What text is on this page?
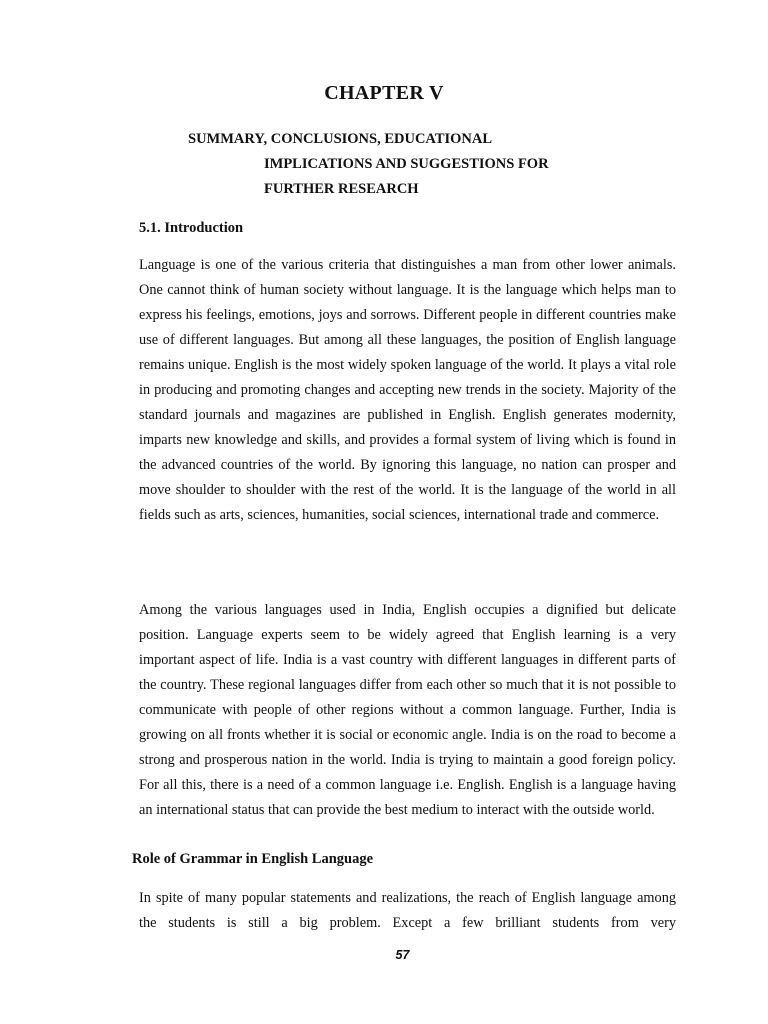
CHAPTER V
SUMMARY, CONCLUSIONS, EDUCATIONAL
IMPLICATIONS AND SUGGESTIONS FOR
FURTHER RESEARCH
5.1. Introduction

Language is one of the various criteria that distinguishes a man from other lower animals. One cannot think of human society without language. It is the language which helps man to express his feelings, emotions, joys and sorrows. Different people in different countries make use of different languages. But among all these languages, the position of English language remains unique. English is the most widely spoken language of the world. It plays a vital role in producing and promoting changes and accepting new trends in the society. Majority of the standard journals and magazines are published in English. English generates modernity, imparts new knowledge and skills, and provides a formal system of living which is found in the advanced countries of the world. By ignoring this language, no nation can prosper and move shoulder to shoulder with the rest of the world. It is the language of the world in all fields such as arts, sciences, humanities, social sciences, international trade and commerce.

Among the various languages used in India, English occupies a dignified but delicate position. Language experts seem to be widely agreed that English learning is a very important aspect of life. India is a vast country with different languages in different parts of the country. These regional languages differ from each other so much that it is not possible to communicate with people of other regions without a common language. Further, India is growing on all fronts whether it is social or economic angle. India is on the road to become a strong and prosperous nation in the world. India is trying to maintain a good foreign policy. For all this, there is a need of a common language i.e. English. English is a language having an international status that can provide the best medium to interact with the outside world.

Role of Grammar in English Language

In spite of many popular statements and realizations, the reach of English language among the students is still a big problem. Except a few brilliant students from very

57
